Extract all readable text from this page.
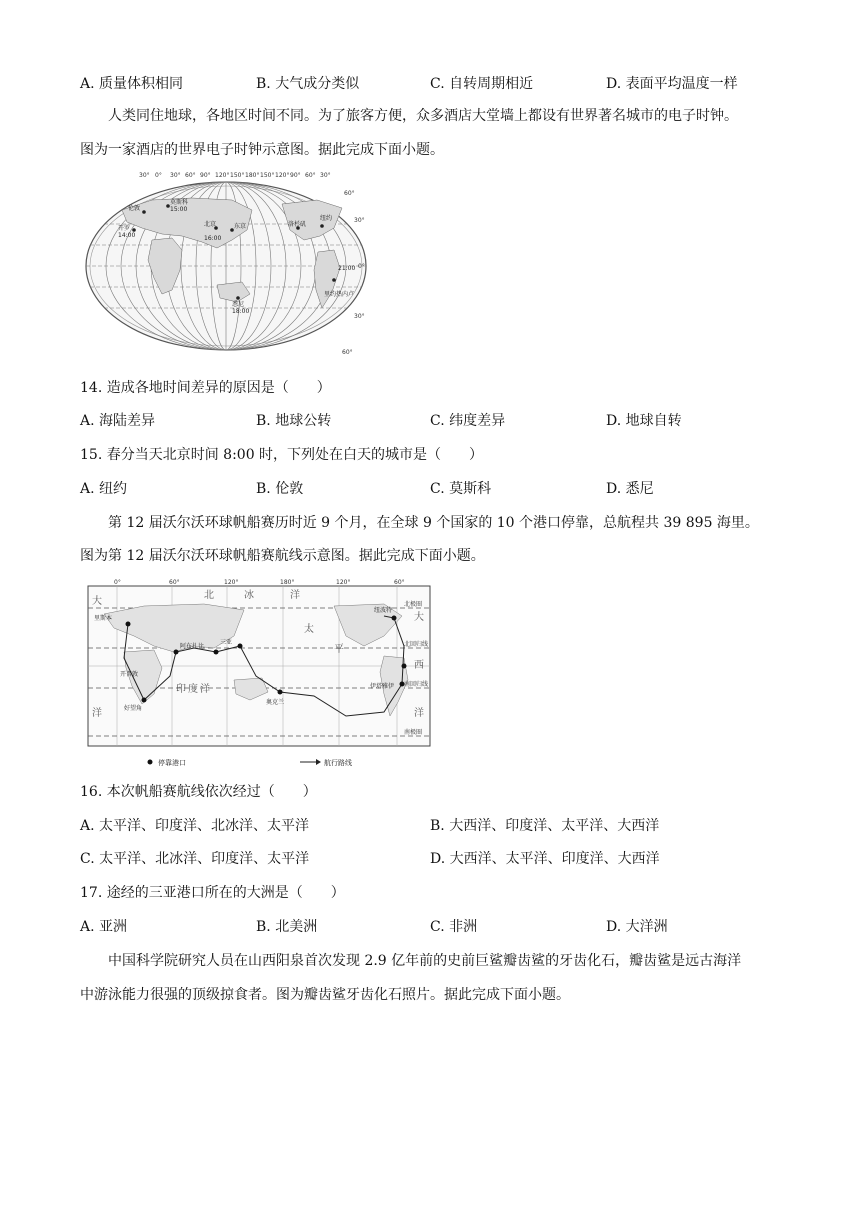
A. 质量体积相同	B. 大气成分类似	C. 自转周期相近	D. 表面平均温度一样
人类同住地球，各地区时间不同。为了旅客方便，众多酒店大堂墙上都设有世界著名城市的电子时钟。
图为一家酒店的世界电子时钟示意图。据此完成下面小题。
30° 0° 30° 60° 90° 120° 150° 180° 150° 120° 90° 60° 30°
莫斯科
15:00
伦敦
开罗
14:00
北京
16:00
东京
悉尼
18:00
洛杉矶
纽约
21:00
里约热内卢
60°
30°
0°
30°
60°
14. 造成各地时间差异的原因是（　　）
A. 海陆差异	B. 地球公转	C. 纬度差异	D. 地球自转
15. 春分当天北京时间 8:00 时，下列处在白天的城市是（　　）
A. 纽约	B. 伦敦	C. 莫斯科	D. 悉尼
第 12 届沃尔沃环球帆船赛历时近 9 个月，在全球 9 个国家的 10 个港口停靠，总航程共 39 895 海里。
图为第 12 届沃尔沃环球帆船赛航线示意图。据此完成下面小题。
0°	60°	120°	180°	120°	60°
阿布扎比
三亚
好望角
奥克兰
纽波特
伊塔雅伊
开普敦
里斯本
大
北	冰	洋
太
平
大
西
洋
印 度 洋
洋
北极圈
北回归线
南回归线
南极圈
停靠港口	航行路线
16. 本次帆船赛航线依次经过（　　）
A. 太平洋、印度洋、北冰洋、太平洋	B. 大西洋、印度洋、太平洋、大西洋
C. 太平洋、北冰洋、印度洋、太平洋	D. 大西洋、太平洋、印度洋、大西洋
17. 途经的三亚港口所在的大洲是（　　）
A. 亚洲	B. 北美洲	C. 非洲	D. 大洋洲
中国科学院研究人员在山西阳泉首次发现 2.9 亿年前的史前巨鲨瓣齿鲨的牙齿化石，瓣齿鲨是远古海洋
中游泳能力很强的顶级掠食者。图为瓣齿鲨牙齿化石照片。据此完成下面小题。
